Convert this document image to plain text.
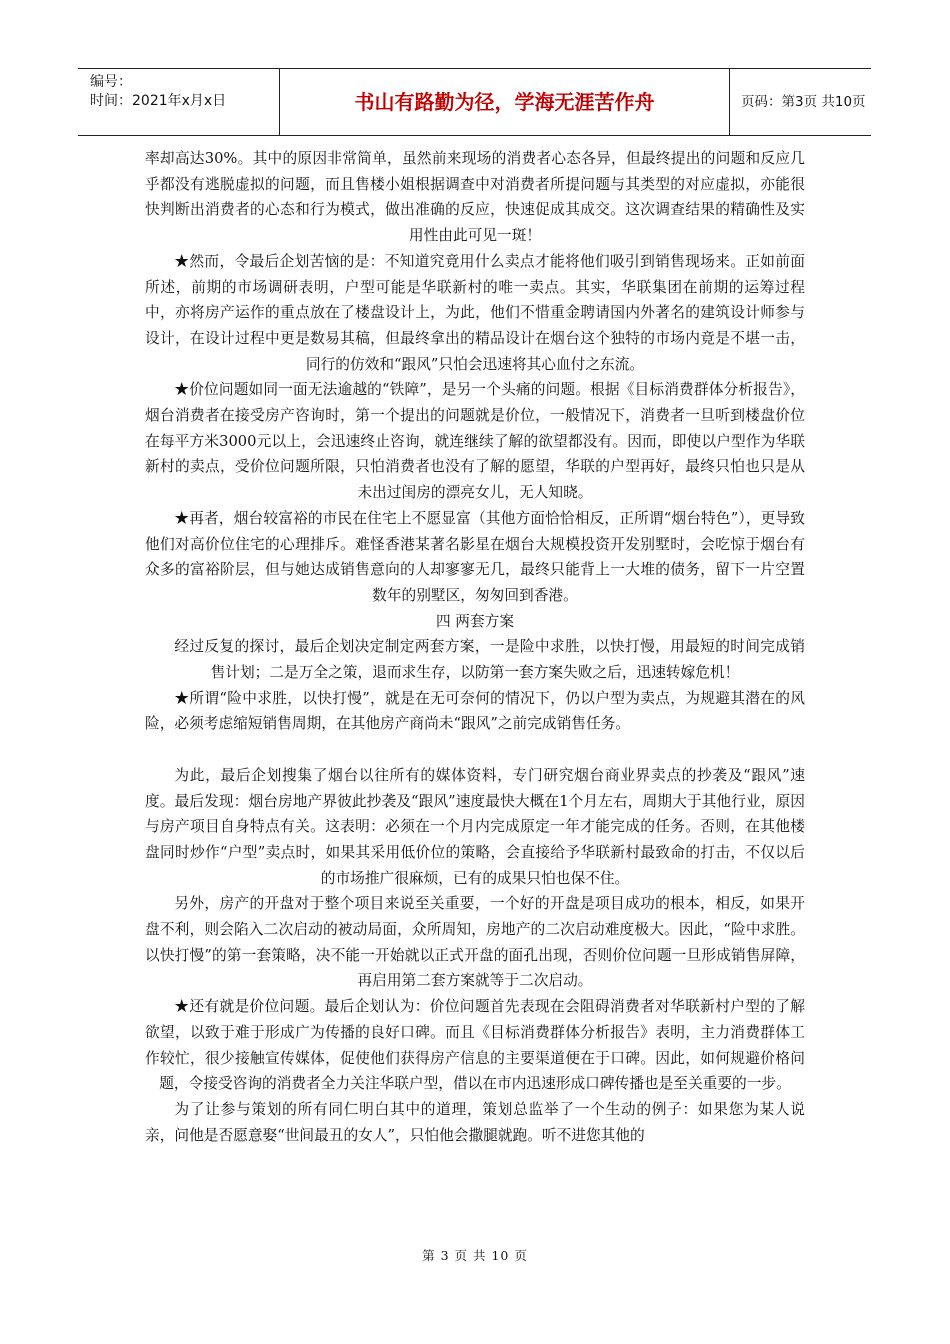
编号：
时间：2021年x月x日	书山有路勤为径，学海无涯苦作舟	页码：第3页 共10页

率却高达30%。其中的原因非常简单，虽然前来现场的消费者心态各异，但最终提出的问题和反应几乎都没有逃脱虚拟的问题，而且售楼小姐根据调查中对消费者所提问题与其类型的对应虚拟，亦能很快判断出消费者的心态和行为模式，做出准确的反应，快速促成其成交。这次调查结果的精确性及实用性由此可见一斑！

★然而，令最后企划苦恼的是：不知道究竟用什么卖点才能将他们吸引到销售现场来。正如前面所述，前期的市场调研表明，户型可能是华联新村的唯一卖点。其实，华联集团在前期的运筹过程中，亦将房产运作的重点放在了楼盘设计上，为此，他们不惜重金聘请国内外著名的建筑设计师参与设计，在设计过程中更是数易其稿，但最终拿出的精品设计在烟台这个独特的市场内竟是不堪一击，同行的仿效和“跟风”只怕会迅速将其心血付之东流。

★价位问题如同一面无法逾越的“铁障”，是另一个头痛的问题。根据《目标消费群体分析报告》，烟台消费者在接受房产咨询时，第一个提出的问题就是价位，一般情况下，消费者一旦听到楼盘价位在每平方米3000元以上，会迅速终止咨询，就连继续了解的欲望都没有。因而，即使以户型作为华联新村的卖点，受价位问题所限，只怕消费者也没有了解的愿望，华联的户型再好，最终只怕也只是从未出过闺房的漂亮女儿，无人知晓。

★再者，烟台较富裕的市民在住宅上不愿显富（其他方面恰恰相反，正所谓“烟台特色”），更导致他们对高价位住宅的心理排斥。难怪香港某著名影星在烟台大规模投资开发别墅时，会吃惊于烟台有众多的富裕阶层，但与她达成销售意向的人却寥寥无几，最终只能背上一大堆的债务，留下一片空置数年的别墅区，匆匆回到香港。

四 两套方案

经过反复的探讨，最后企划决定制定两套方案，一是险中求胜，以快打慢，用最短的时间完成销售计划；二是万全之策，退而求生存，以防第一套方案失败之后，迅速转嫁危机！

★所谓“险中求胜，以快打慢”，就是在无可奈何的情况下，仍以户型为卖点，为规避其潜在的风险，必须考虑缩短销售周期，在其他房产商尚未“跟风”之前完成销售任务。

为此，最后企划搜集了烟台以往所有的媒体资料，专门研究烟台商业界卖点的抄袭及“跟风”速度。最后发现：烟台房地产界彼此抄袭及“跟风”速度最快大概在1个月左右，周期大于其他行业，原因与房产项目自身特点有关。这表明：必须在一个月内完成原定一年才能完成的任务。否则，在其他楼盘同时炒作“户型”卖点时，如果其采用低价位的策略，会直接给予华联新村最致命的打击，不仅以后的市场推广很麻烦，已有的成果只怕也保不住。

另外，房产的开盘对于整个项目来说至关重要，一个好的开盘是项目成功的根本，相反，如果开盘不利，则会陷入二次启动的被动局面，众所周知，房地产的二次启动难度极大。因此，“险中求胜。以快打慢”的第一套策略，决不能一开始就以正式开盘的面孔出现，否则价位问题一旦形成销售屏障，再启用第二套方案就等于二次启动。

★还有就是价位问题。最后企划认为：价位问题首先表现在会阻碍消费者对华联新村户型的了解欲望，以致于难于形成广为传播的良好口碑。而且《目标消费群体分析报告》表明，主力消费群体工作较忙，很少接触宣传媒体，促使他们获得房产信息的主要渠道便在于口碑。因此，如何规避价格问题，令接受咨询的消费者全力关注华联户型，借以在市内迅速形成口碑传播也是至关重要的一步。

为了让参与策划的所有同仁明白其中的道理，策划总监举了一个生动的例子：如果您为某人说亲，问他是否愿意娶“世间最丑的女人”，只怕他会撒腿就跑。听不进您其他的

第 3 页 共 10 页
